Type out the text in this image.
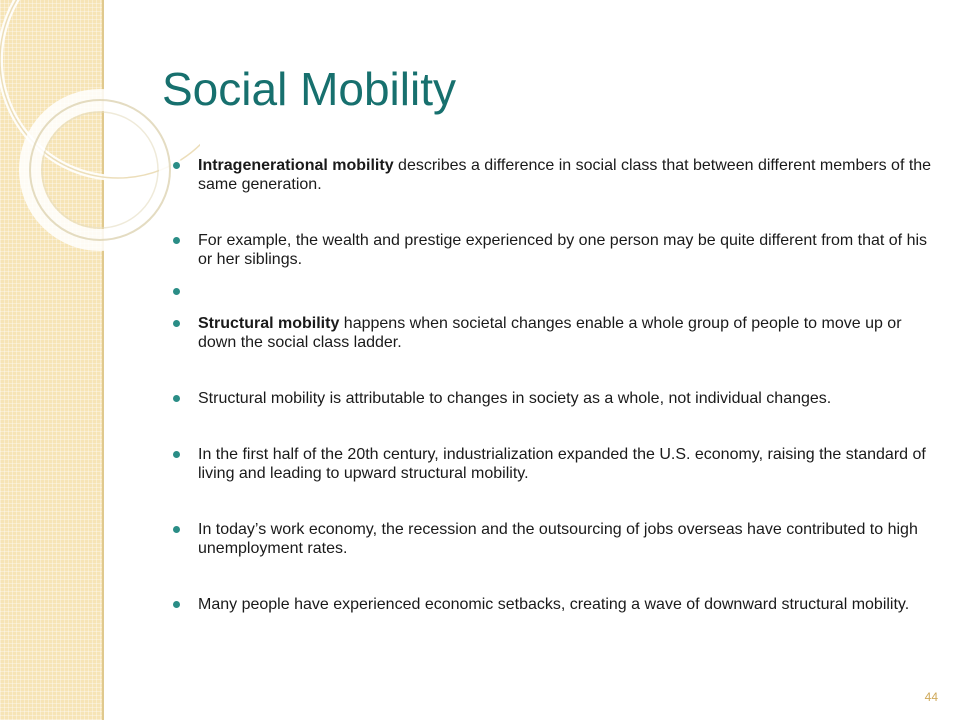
Social Mobility
Intragenerational mobility describes a difference in social class that between different members of the same generation.
For example, the wealth and prestige experienced by one person may be quite different from that of his or her siblings.
Structural mobility happens when societal changes enable a whole group of people to move up or down the social class ladder.
Structural mobility is attributable to changes in society as a whole, not individual changes.
In the first half of the 20th century, industrialization expanded the U.S. economy, raising the standard of living and leading to upward structural mobility.
In today’s work economy, the recession and the outsourcing of jobs overseas have contributed to high unemployment rates.
Many people have experienced economic setbacks, creating a wave of downward structural mobility.
44
